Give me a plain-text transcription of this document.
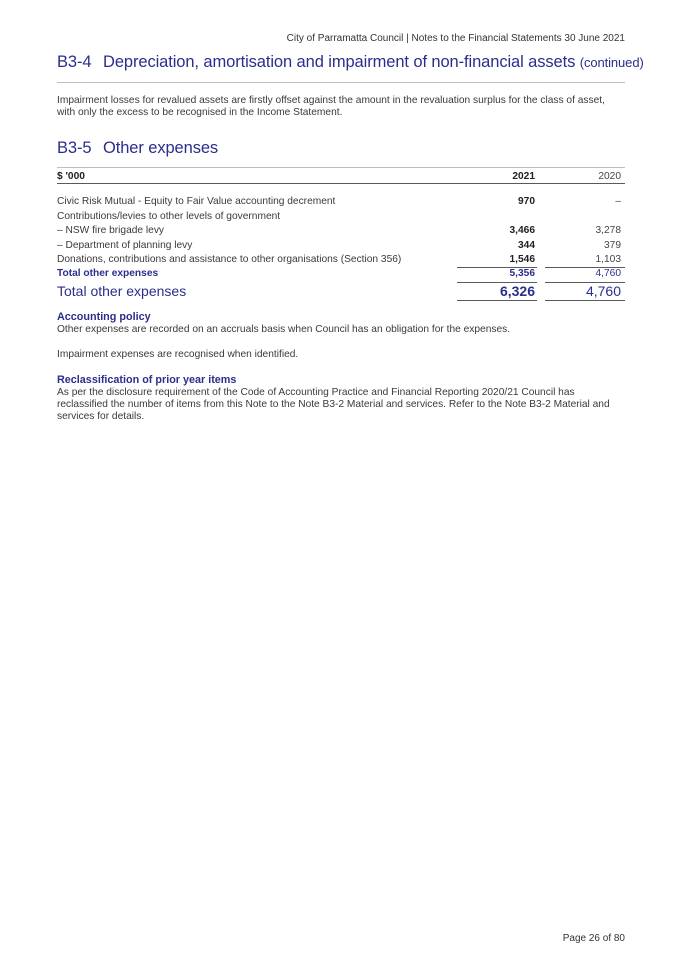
City of Parramatta Council | Notes to the Financial Statements 30 June 2021
B3-4 Depreciation, amortisation and impairment of non-financial assets (continued)
Impairment losses for revalued assets are firstly offset against the amount in the revaluation surplus for the class of asset, with only the excess to be recognised in the Income Statement.
B3-5 Other expenses
$ '000	2021	2020
Civic Risk Mutual - Equity to Fair Value accounting decrement	970	–
Contributions/levies to other levels of government
– NSW fire brigade levy	3,466	3,278
– Department of planning levy	344	379
Donations, contributions and assistance to other organisations (Section 356)	1,546	1,103
Total other expenses	5,356	4,760
Total other expenses	6,326	4,760
Accounting policy
Other expenses are recorded on an accruals basis when Council has an obligation for the expenses.
Impairment expenses are recognised when identified.
Reclassification of prior year items
As per the disclosure requirement of the Code of Accounting Practice and Financial Reporting 2020/21 Council has reclassified the number of items from this Note to the Note B3-2 Material and services. Refer to the Note B3-2 Material and services for details.
Page 26 of 80
